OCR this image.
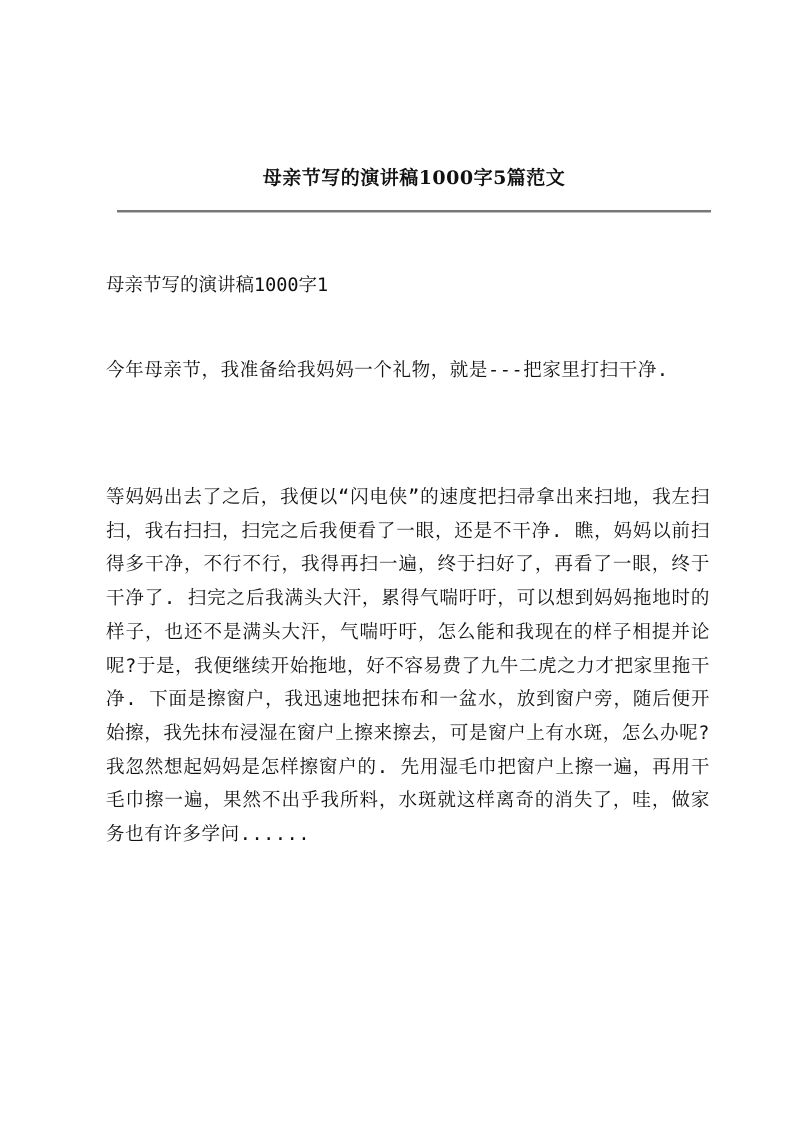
母亲节写的演讲稿1000字5篇范文
母亲节写的演讲稿1000字1

今年母亲节，我准备给我妈妈一个礼物，就是---把家里打扫干净.

等妈妈出去了之后，我便以“闪电侠”的速度把扫帚拿出来扫地，我左扫扫，我右扫扫，扫完之后我便看了一眼，还是不干净. 瞧，妈妈以前扫得多干净，不行不行，我得再扫一遍，终于扫好了，再看了一眼，终于干净了. 扫完之后我满头大汗，累得气喘吁吁，可以想到妈妈拖地时的样子，也还不是满头大汗，气喘吁吁，怎么能和我现在的样子相提并论呢?于是，我便继续开始拖地，好不容易费了九牛二虎之力才把家里拖干净. 下面是擦窗户，我迅速地把抹布和一盆水，放到窗户旁，随后便开始擦，我先抹布浸湿在窗户上擦来擦去，可是窗户上有水斑，怎么办呢?我忽然想起妈妈是怎样擦窗户的. 先用湿毛巾把窗户上擦一遍，再用干毛巾擦一遍，果然不出乎我所料，水斑就这样离奇的消失了，哇，做家务也有许多学问......
